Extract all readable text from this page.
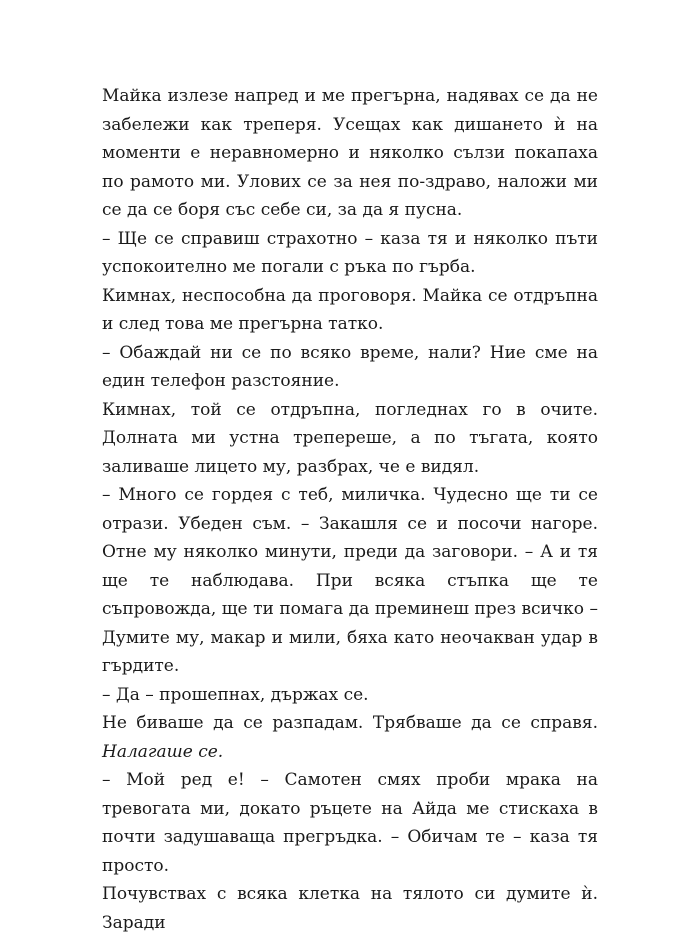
Майка излезе напред и ме прегърна, надявах се да не забележи как треперя. Усещах как дишането ѝ на моменти е неравномерно и няколко сълзи покапаха по рамото ми. Улових се за нея по-здраво, наложи ми се да се боря със себе си, за да я пусна.

– Ще се справиш страхотно – каза тя и няколко пъти успокоително ме погали с ръка по гърба.

Кимнах, неспособна да проговоря. Майка се отдръпна и след това ме прегърна татко.

– Обаждай ни се по всяко време, нали? Ние сме на един телефон разстояние.

Кимнах, той се отдръпна, погледнах го в очите. Долната ми устна трепереше, а по тъгата, която заливаше лицето му, разбрах, че е видял.

– Много се гордея с теб, миличка. Чудесно ще ти се отрази. Убеден съм. – Закашля се и посочи нагоре. Отне му няколко минути, преди да заговори. – А и тя ще те наблюдава. При всяка стъпка ще те съпровожда, ще ти помага да преминеш през всичко – Думите му, макар и мили, бяха като неочакван удар в гърдите.

– Да – прошепнах, държах се.

Не биваше да се разпадам. Трябваше да се справя. Налагаше се.

– Мой ред е! – Самотен смях проби мрака на тревогата ми, докато ръцете на Айда ме стискаха в почти задушаваща прегръдка. – Обичам те – каза тя просто.

Почувствах с всяка клетка на тялото си думите ѝ. Заради
